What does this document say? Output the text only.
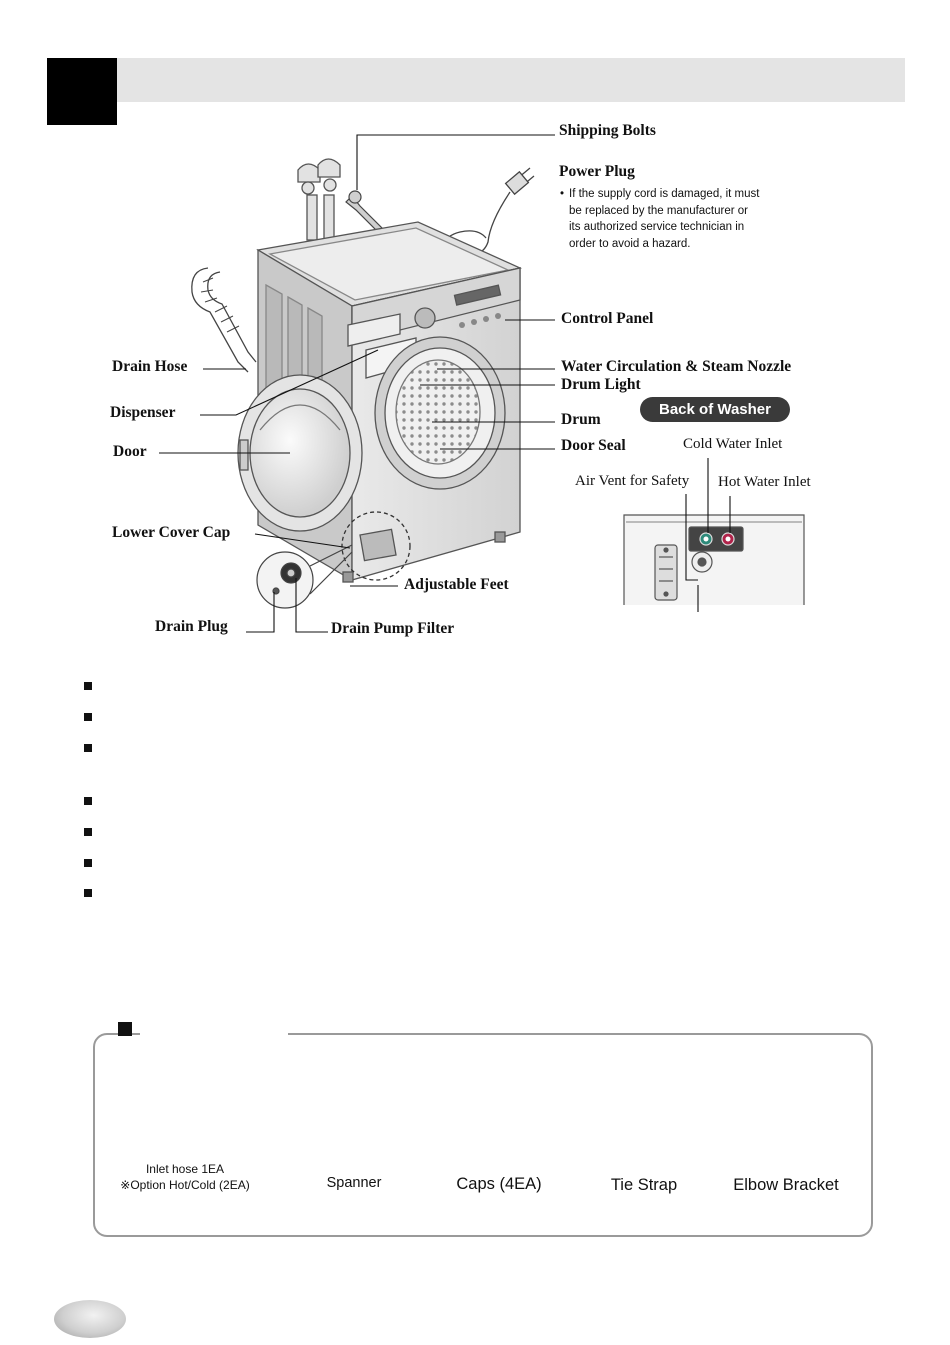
Shipping Bolts
Power Plug
• If the supply cord is damaged, it must be replaced by the manufacturer or its authorized service technician in order to avoid a hazard.
Control Panel
Drain Hose	Water Circulation & Steam Nozzle
Drum Light
Dispenser	Drum
Back of Washer
Door	Door Seal	Cold Water Inlet
Air Vent for Safety Hot Water Inlet
Lower Cover Cap
Adjustable Feet
Drain Plug	Drain Pump Filter
Inlet hose 1EA
※Option Hot/Cold (2EA)	Spanner	Caps (4EA)	Tie Strap	Elbow Bracket
